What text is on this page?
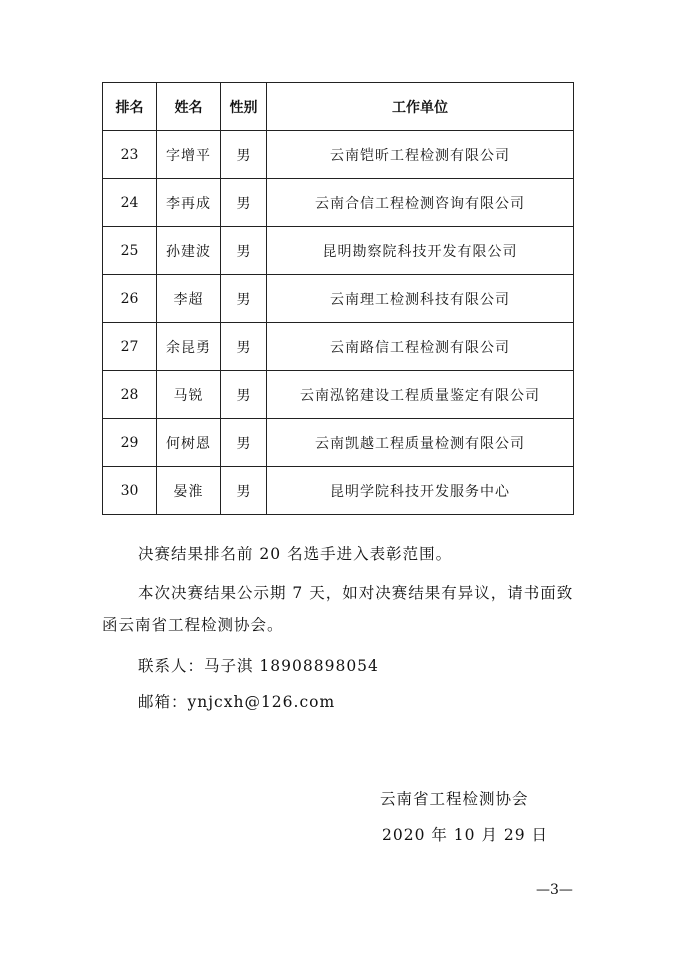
排名	姓名	性别	工作单位
23	字增平	男	云南铠昕工程检测有限公司
24	李再成	男	云南合信工程检测咨询有限公司
25	孙建波	男	昆明勘察院科技开发有限公司
26	李超	男	云南理工检测科技有限公司
27	余昆勇	男	云南路信工程检测有限公司
28	马锐	男	云南泓铭建设工程质量鉴定有限公司
29	何树恩	男	云南凯越工程质量检测有限公司
30	晏淮	男	昆明学院科技开发服务中心

决赛结果排名前 20 名选手进入表彰范围。

本次决赛结果公示期 7 天，如对决赛结果有异议，请书面致函云南省工程检测协会。

联系人：马子淇 18908898054

邮箱：ynjcxh@126.com

云南省工程检测协会
2020 年 10 月 29 日
—3—
